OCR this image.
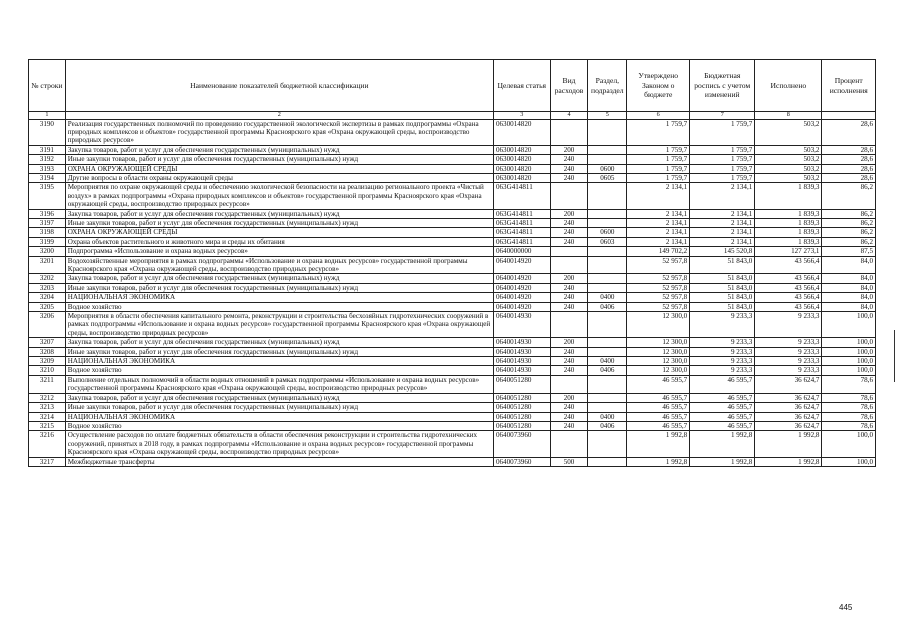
№ строки	Наименование показателей бюджетной классификации	Целевая статья	Вид расходов	Раздел, подраздел	Утверждено Законом о бюджете	Бюджетная роспись с учетом изменений	Исполнено	Процент исполнения
1	2	3	4	5	6	7	8	
3190	Реализация государственных полномочий по проведению государственной экологической экспертизы в рамках подпрограммы «Охрана природных комплексов и объектов» государственной программы Красноярского края «Охрана окружающей среды, воспроизводство природных ресурсов»	0630014820			1 759,7	1 759,7	503,2	28,6
3191	Закупка товаров, работ и услуг для обеспечения государственных (муниципальных) нужд	0630014820	200		1 759,7	1 759,7	503,2	28,6
3192	Иные закупки товаров, работ и услуг для обеспечения государственных (муниципальных) нужд	0630014820	240		1 759,7	1 759,7	503,2	28,6
3193	ОХРАНА ОКРУЖАЮЩЕЙ СРЕДЫ	0630014820	240	0600	1 759,7	1 759,7	503,2	28,6
3194	Другие вопросы в области охраны окружающей среды	0630014820	240	0605	1 759,7	1 759,7	503,2	28,6
3195	Мероприятия по охране окружающей среды и обеспечению экологической безопасности на реализацию регионального проекта «Чистый воздух» в рамках подпрограммы «Охрана природных комплексов и объектов» государственной программы Красноярского края «Охрана окружающей среды, воспроизводство природных ресурсов»	063G414811			2 134,1	2 134,1	1 839,3	86,2
3196	Закупка товаров, работ и услуг для обеспечения государственных (муниципальных) нужд	063G414811	200		2 134,1	2 134,1	1 839,3	86,2
3197	Иные закупки товаров, работ и услуг для обеспечения государственных (муниципальных) нужд	063G414811	240		2 134,1	2 134,1	1 839,3	86,2
3198	ОХРАНА ОКРУЖАЮЩЕЙ СРЕДЫ	063G414811	240	0600	2 134,1	2 134,1	1 839,3	86,2
3199	Охрана объектов растительного и животного мира и среды их обитания	063G414811	240	0603	2 134,1	2 134,1	1 839,3	86,2
3200	Подпрограмма «Использование и охрана водных ресурсов»	0640000000			149 702,2	145 520,8	127 273,1	87,5
3201	Водохозяйственные мероприятия в рамках подпрограммы «Использование и охрана водных ресурсов» государственной программы Красноярского края «Охрана окружающей среды, воспроизводство природных ресурсов»	0640014920			52 957,8	51 843,0	43 566,4	84,0
3202	Закупка товаров, работ и услуг для обеспечения государственных (муниципальных) нужд	0640014920	200		52 957,8	51 843,0	43 566,4	84,0
3203	Иные закупки товаров, работ и услуг для обеспечения государственных (муниципальных) нужд	0640014920	240		52 957,8	51 843,0	43 566,4	84,0
3204	НАЦИОНАЛЬНАЯ ЭКОНОМИКА	0640014920	240	0400	52 957,8	51 843,0	43 566,4	84,0
3205	Водное хозяйство	0640014920	240	0406	52 957,8	51 843,0	43 566,4	84,0
3206	Мероприятия в области обеспечения капитального ремонта, реконструкции и строительства бесхозяйных гидротехнических сооружений в рамках подпрограммы «Использование и охрана водных ресурсов» государственной программы Красноярского края «Охрана окружающей среды, воспроизводство природных ресурсов»	0640014930			12 300,0	9 233,3	9 233,3	100,0
3207	Закупка товаров, работ и услуг для обеспечения государственных (муниципальных) нужд	0640014930	200		12 300,0	9 233,3	9 233,3	100,0
3208	Иные закупки товаров, работ и услуг для обеспечения государственных (муниципальных) нужд	0640014930	240		12 300,0	9 233,3	9 233,3	100,0
3209	НАЦИОНАЛЬНАЯ ЭКОНОМИКА	0640014930	240	0400	12 300,0	9 233,3	9 233,3	100,0
3210	Водное хозяйство	0640014930	240	0406	12 300,0	9 233,3	9 233,3	100,0
3211	Выполнение отдельных полномочий в области водных отношений в рамках подпрограммы «Использование и охрана водных ресурсов» государственной программы Красноярского края «Охрана окружающей среды, воспроизводство природных ресурсов»	0640051280			46 595,7	46 595,7	36 624,7	78,6
3212	Закупка товаров, работ и услуг для обеспечения государственных (муниципальных) нужд	0640051280	200		46 595,7	46 595,7	36 624,7	78,6
3213	Иные закупки товаров, работ и услуг для обеспечения государственных (муниципальных) нужд	0640051280	240		46 595,7	46 595,7	36 624,7	78,6
3214	НАЦИОНАЛЬНАЯ ЭКОНОМИКА	0640051280	240	0400	46 595,7	46 595,7	36 624,7	78,6
3215	Водное хозяйство	0640051280	240	0406	46 595,7	46 595,7	36 624,7	78,6
3216	Осуществление расходов по оплате бюджетных обязательств в области обеспечения реконструкции и строительства гидротехнических сооружений, принятых в 2018 году, в рамках подпрограммы «Использование и охрана водных ресурсов» государственной программы Красноярского края «Охрана окружающей среды, воспроизводство природных ресурсов»	0640073960			1 992,8	1 992,8	1 992,8	100,0
3217	Межбюджетные трансферты	0640073960	500		1 992,8	1 992,8	1 992,8	100,0
445
